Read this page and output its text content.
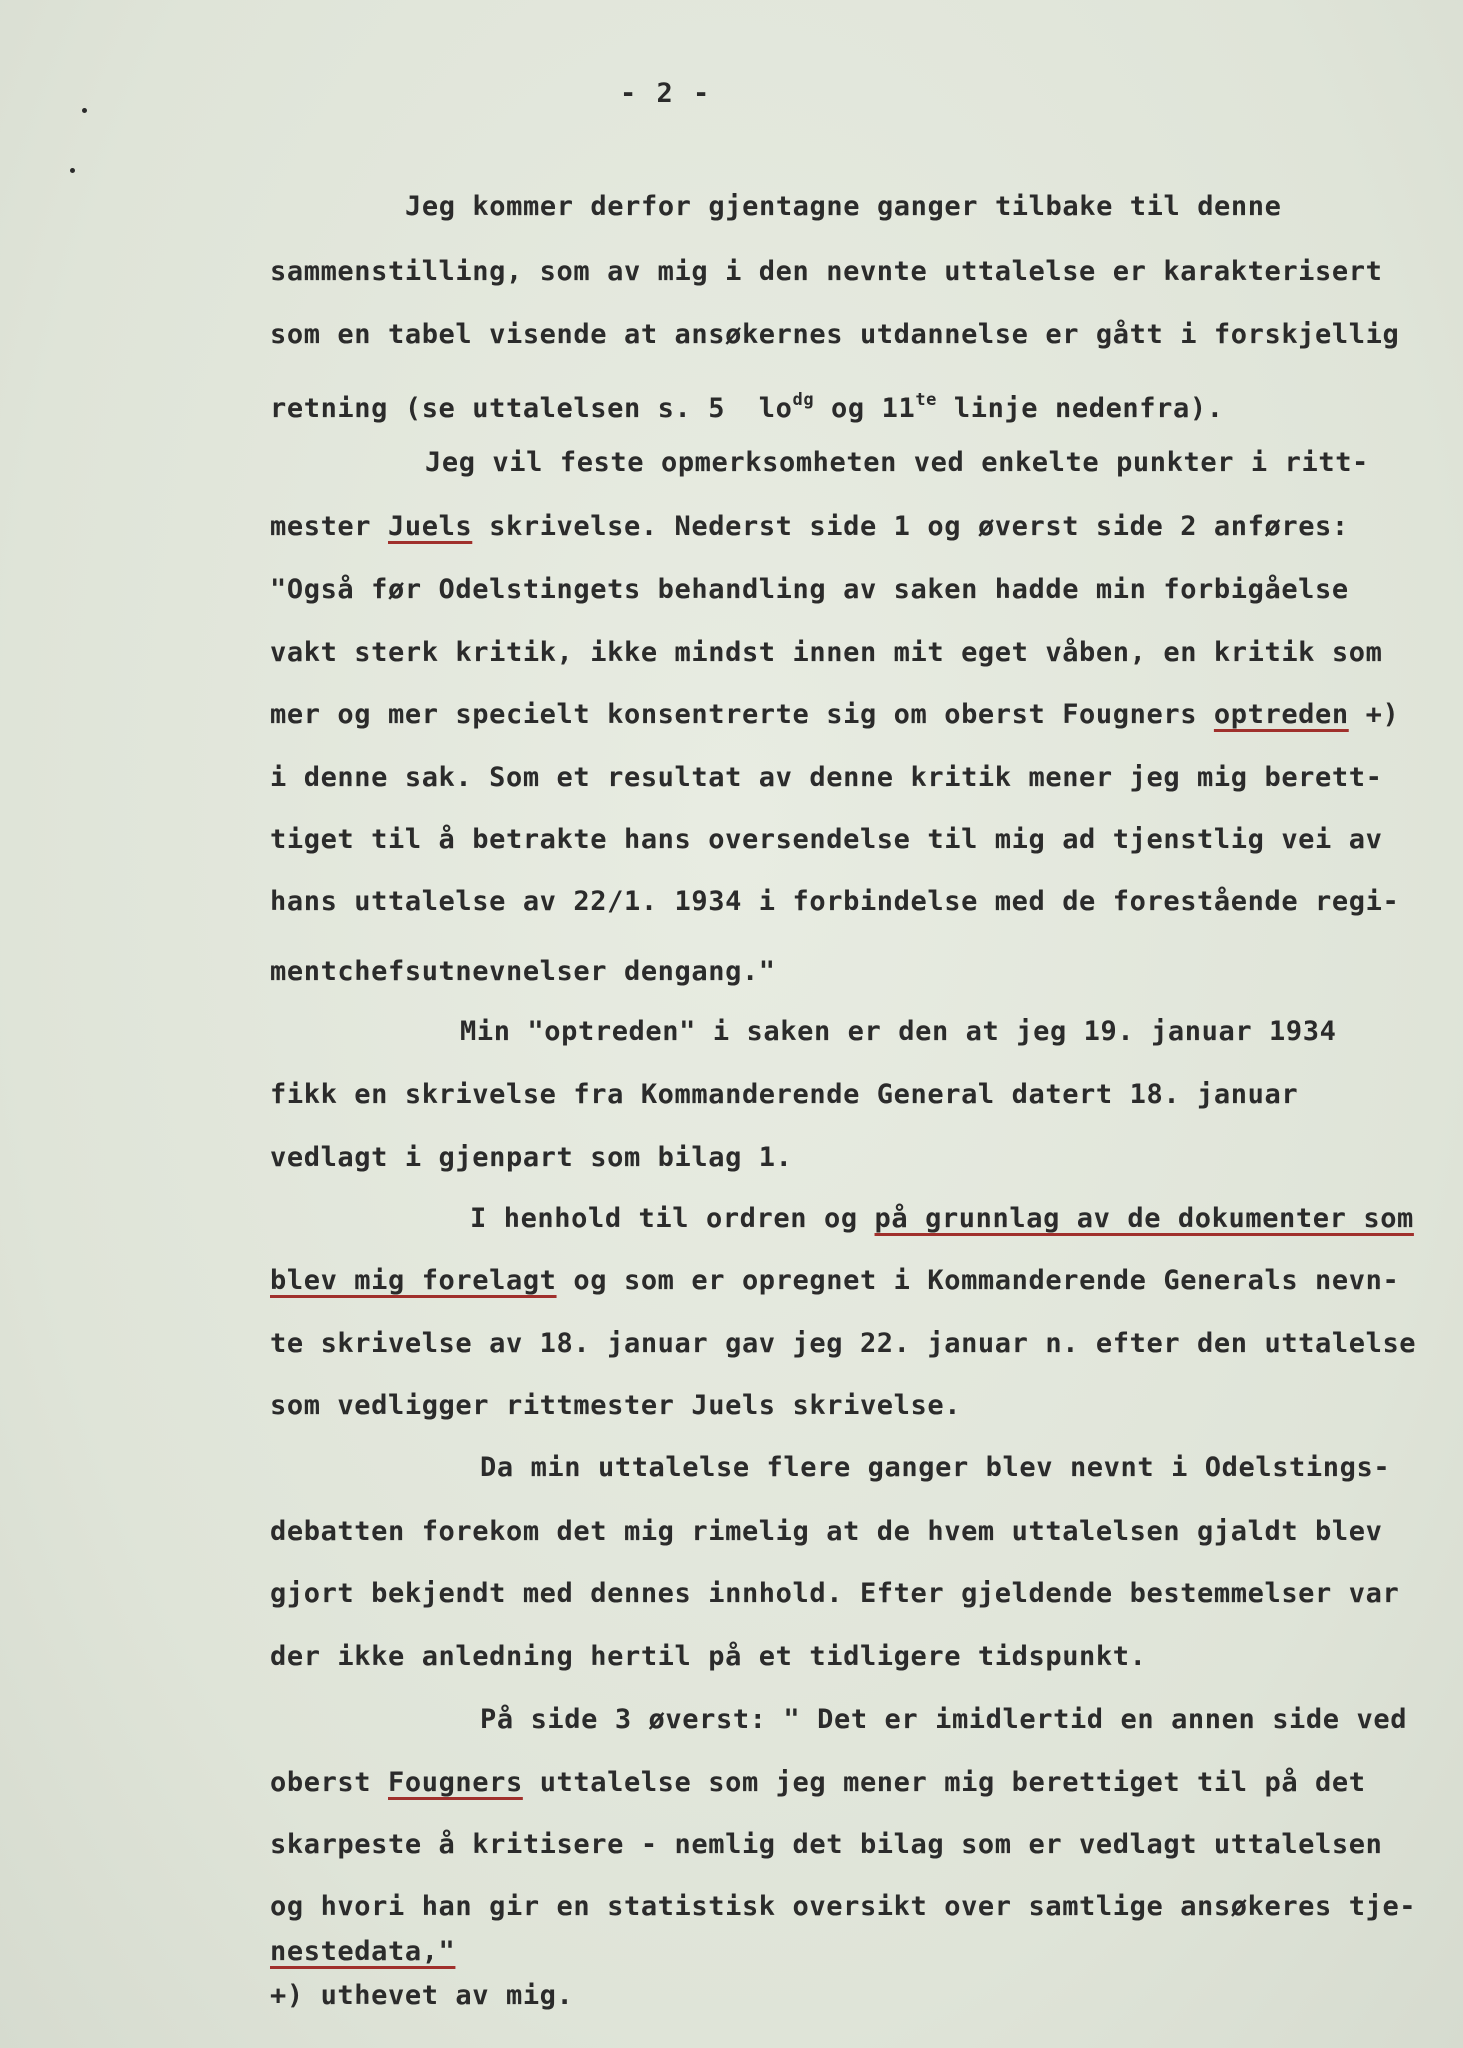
- 2 -
Jeg kommer derfor gjentagne ganger tilbake til denne
sammenstilling, som av mig i den nevnte uttalelse er karakterisert
som en tabel visende at ansøkernes utdannelse er gått i forskjellig
retning (se uttalelsen s. 5  $lo^{dg}$ og $11^{te}$ linje nedenfra).
Jeg vil feste opmerksomheten ved enkelte punkter i ritt-
mester Juels skrivelse. Nederst side 1 og øverst side 2 anføres:
"Også før Odelstingets behandling av saken hadde min forbigåelse
vakt sterk kritik, ikke mindst innen mit eget våben, en kritik som
mer og mer specielt konsentrerte sig om oberst Fougners optreden +)
i denne sak. Som et resultat av denne kritik mener jeg mig berett-
tiget til å betrakte hans oversendelse til mig ad tjenstlig vei av
hans uttalelse av 22/1. 1934 i forbindelse med de forestående regi-
mentchefsutnevnelser dengang."
Min "optreden" i saken er den at jeg 19. januar 1934
fikk en skrivelse fra Kommanderende General datert 18. januar
vedlagt i gjenpart som bilag 1.
I henhold til ordren og på grunnlag av de dokumenter som
blev mig forelagt og som er opregnet i Kommanderende Generals nevn-
te skrivelse av 18. januar gav jeg 22. januar n. efter den uttalelse
som vedligger rittmester Juels skrivelse.
Da min uttalelse flere ganger blev nevnt i Odelstings-
debatten forekom det mig rimelig at de hvem uttalelsen gjaldt blev
gjort bekjendt med dennes innhold. Efter gjeldende bestemmelser var
der ikke anledning hertil på et tidligere tidspunkt.
På side 3 øverst: " Det er imidlertid en annen side ved
oberst Fougners uttalelse som jeg mener mig berettiget til på det
skarpeste å kritisere - nemlig det bilag som er vedlagt uttalelsen
og hvori han gir en statistisk oversikt over samtlige ansøkeres tje-
nestedata,"
+) uthevet av mig.
